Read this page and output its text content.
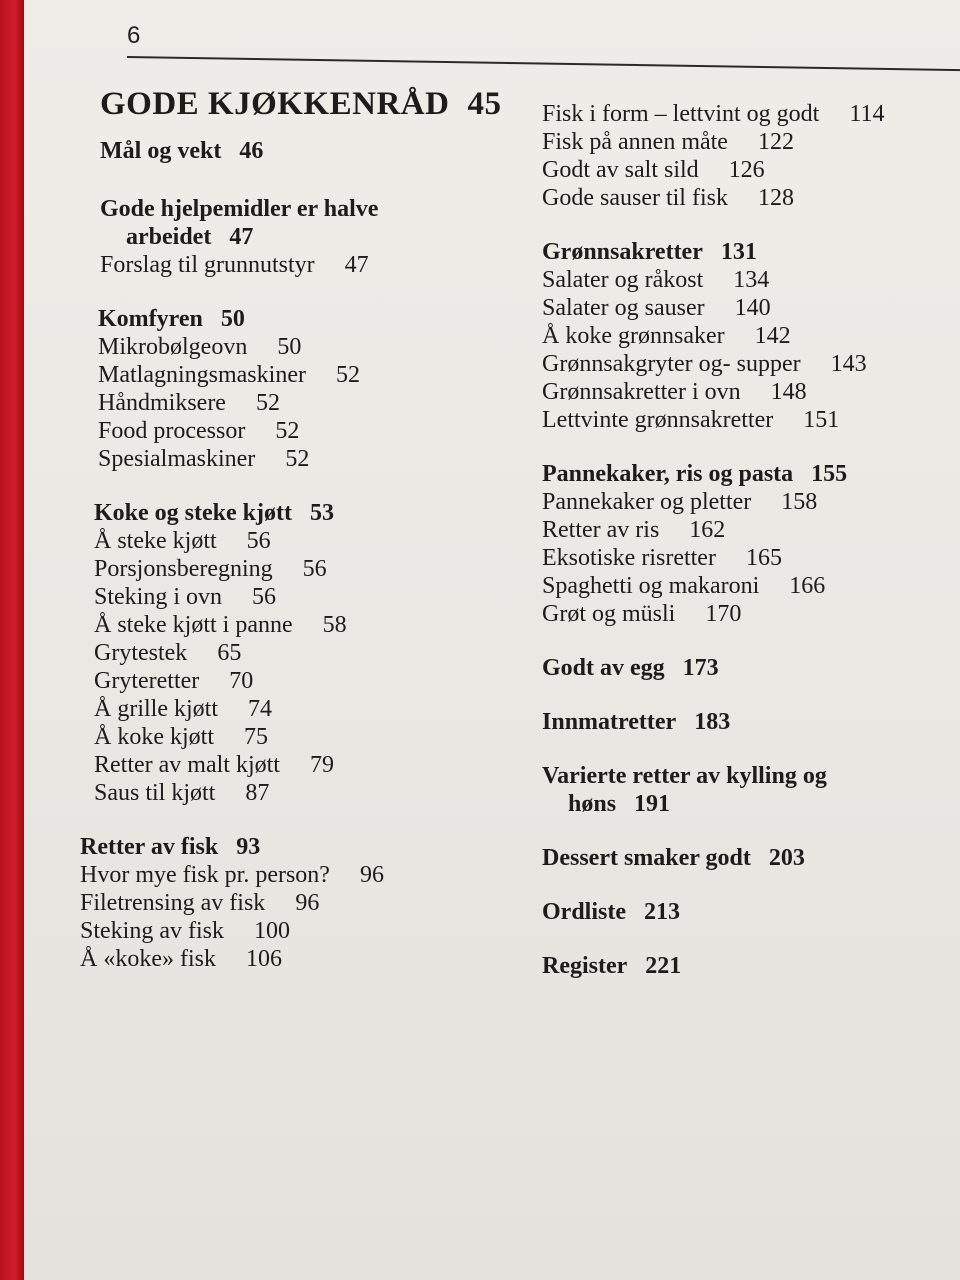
6
GODE KJØKKENRÅD 45
Mål og vekt 46
Gode hjelpemidler er halve
arbeidet 47
Forslag til grunnutstyr 47
Komfyren 50
Mikrobølgeovn 50
Matlagningsmaskiner 52
Håndmiksere 52
Food processor 52
Spesialmaskiner 52
Koke og steke kjøtt 53
Å steke kjøtt 56
Porsjonsberegning 56
Steking i ovn 56
Å steke kjøtt i panne 58
Grytestek 65
Gryteretter 70
Å grille kjøtt 74
Å koke kjøtt 75
Retter av malt kjøtt 79
Saus til kjøtt 87
Retter av fisk 93
Hvor mye fisk pr. person? 96
Filetrensing av fisk 96
Steking av fisk 100
Å «koke» fisk 106
Fisk i form – lettvint og godt 114
Fisk på annen måte 122
Godt av salt sild 126
Gode sauser til fisk 128
Grønnsakretter 131
Salater og råkost 134
Salater og sauser 140
Å koke grønnsaker 142
Grønnsakgryter og- supper 143
Grønnsakretter i ovn 148
Lettvinte grønnsakretter 151
Pannekaker, ris og pasta 155
Pannekaker og pletter 158
Retter av ris 162
Eksotiske risretter 165
Spaghetti og makaroni 166
Grøt og müsli 170
Godt av egg 173
Innmatretter 183
Varierte retter av kylling og
høns 191
Dessert smaker godt 203
Ordliste 213
Register 221
